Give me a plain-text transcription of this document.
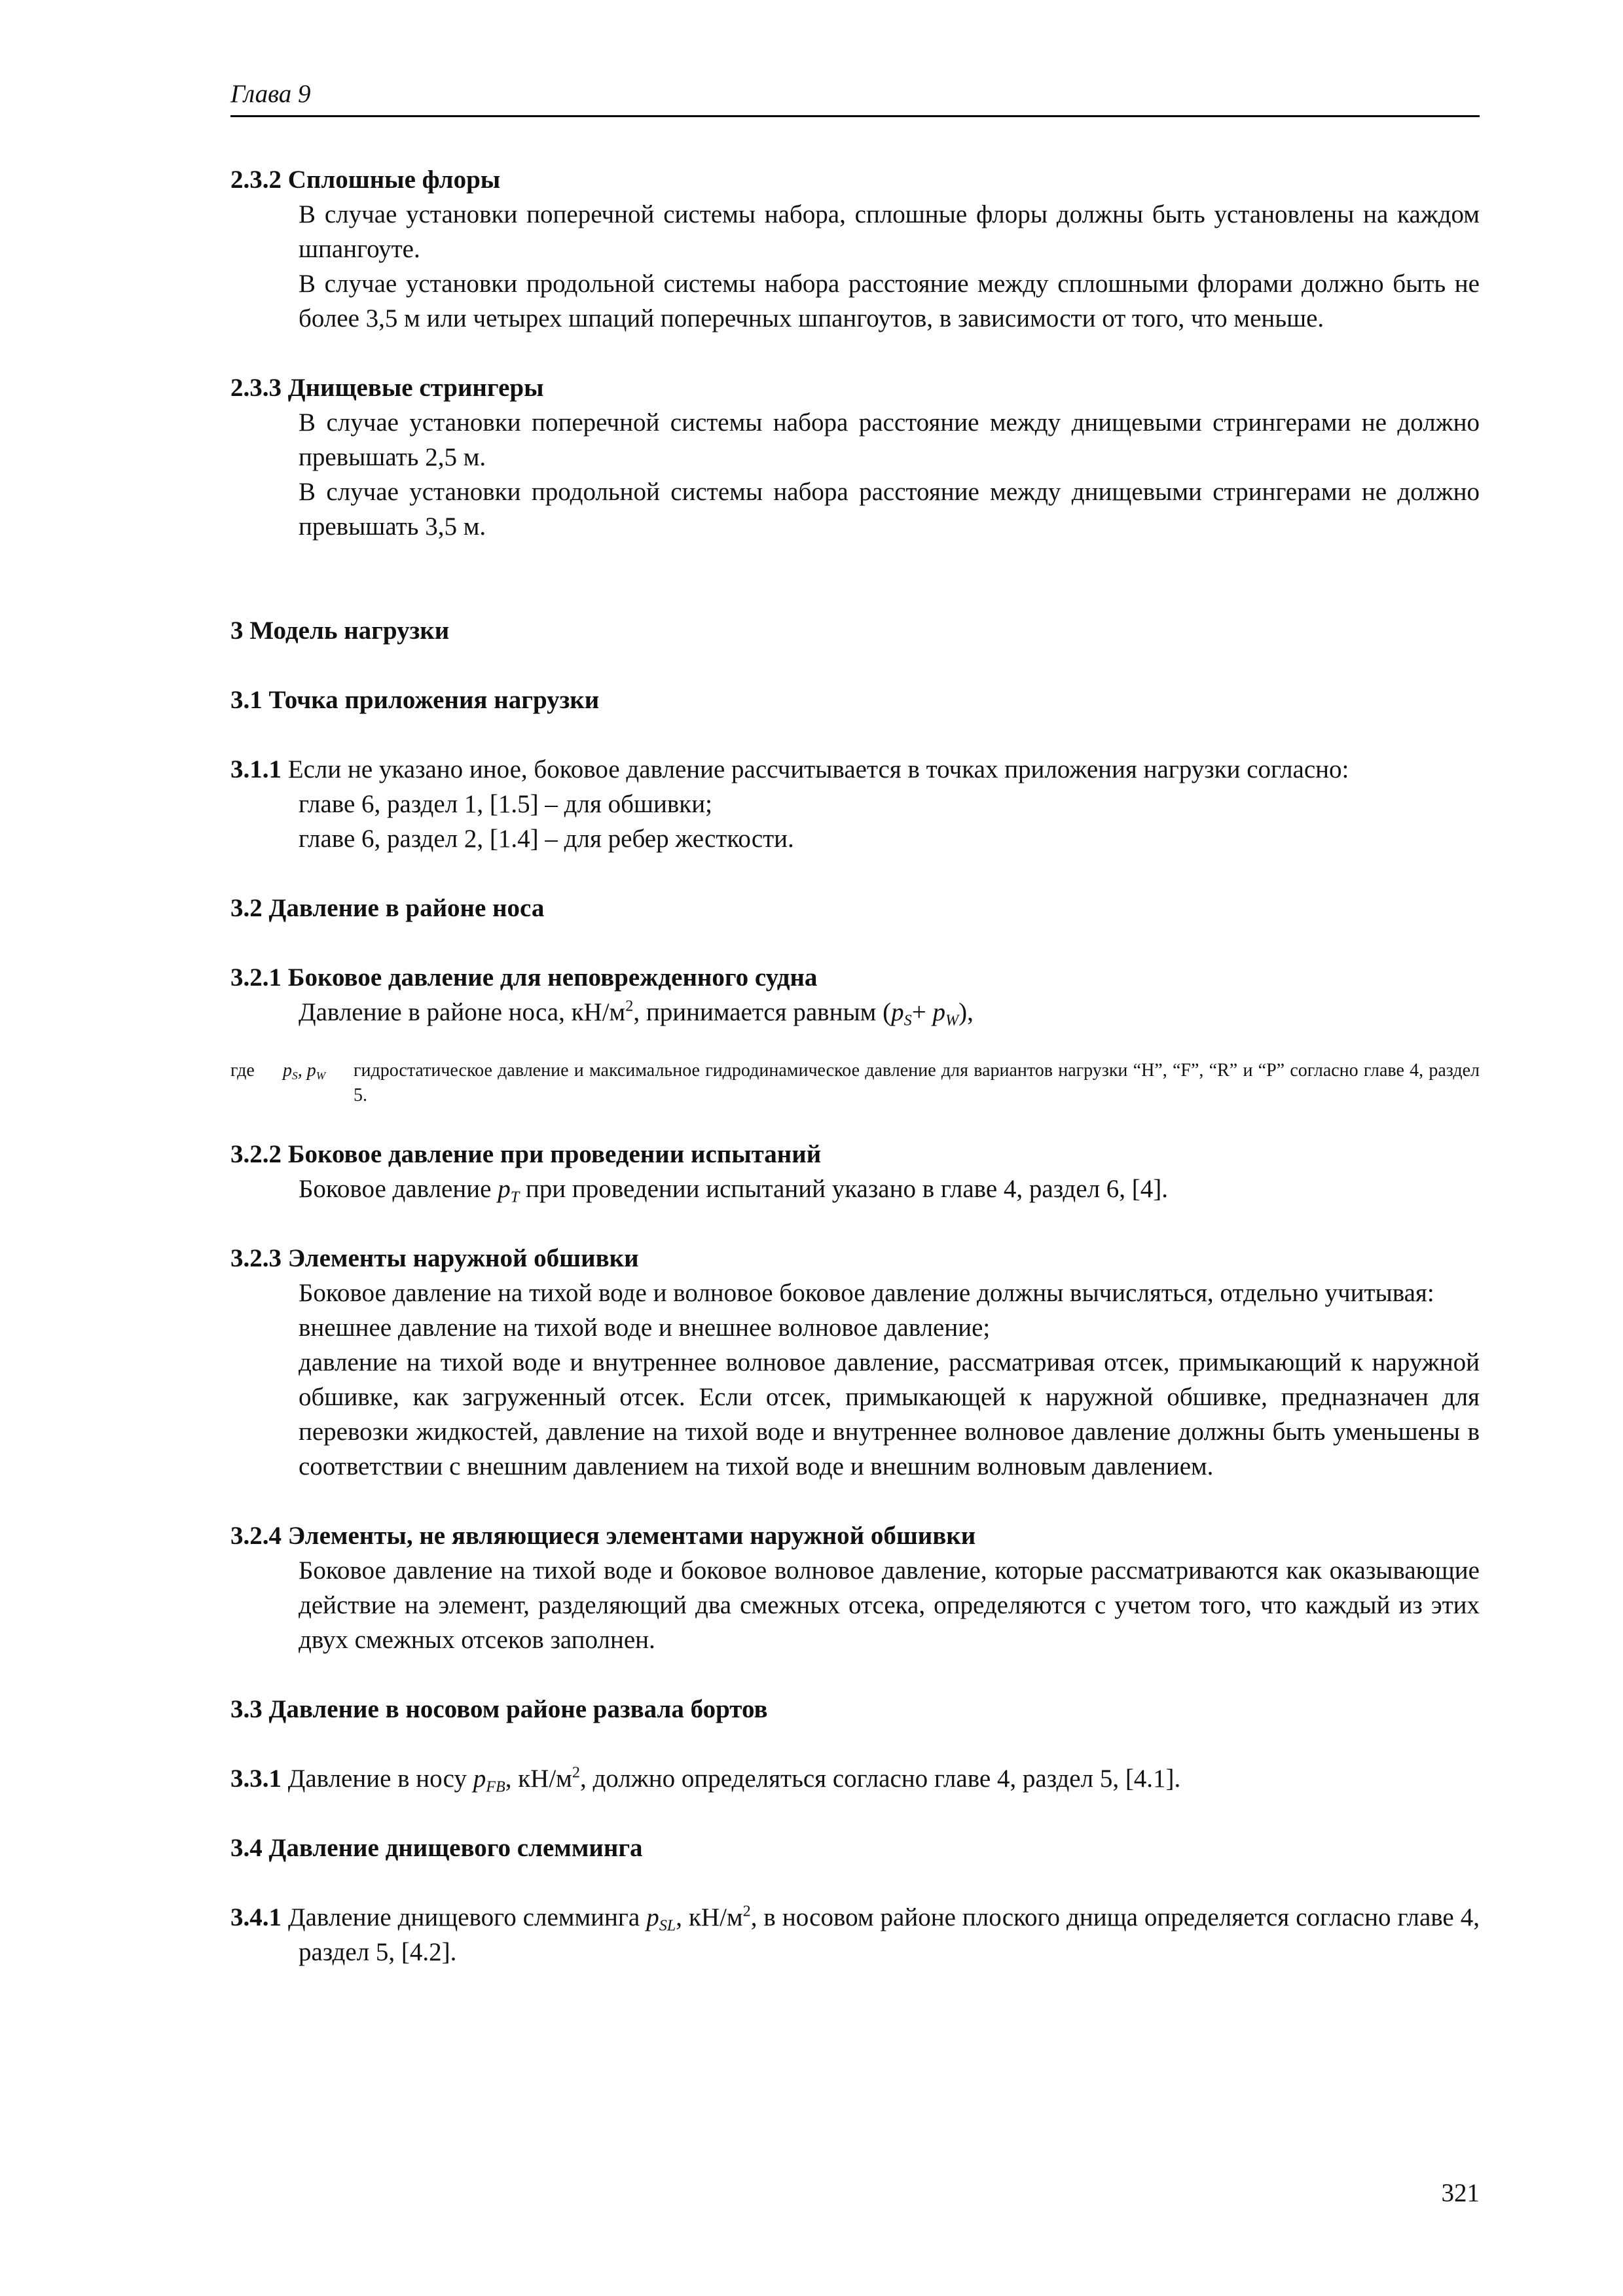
Глава 9
2.3.2 Сплошные флоры

В случае установки поперечной системы набора, сплошные флоры должны быть установлены на каждом шпангоуте.

В случае установки продольной системы набора расстояние между сплошными флорами должно быть не более 3,5 м или четырех шпаций поперечных шпангоутов, в зависимости от того, что меньше.

2.3.3 Днищевые стрингеры

В случае установки поперечной системы набора расстояние между днищевыми стрингерами не должно превышать 2,5 м.

В случае установки продольной системы набора расстояние между днищевыми стрингерами не должно превышать 3,5 м.

3 Модель нагрузки
3.1 Точка приложения нагрузки

3.1.1 Если не указано иное, боковое давление рассчитывается в точках приложения нагрузки согласно:

главе 6, раздел 1, [1.5] – для обшивки;

главе 6, раздел 2, [1.4] – для ребер жесткости.

3.2 Давление в районе носа
3.2.1 Боковое давление для неповрежденного судна

Давление в районе носа, $кН/м^2$, принимается равным $(p_S+ p_W)$,

где	$p_S$, $p_W$	гидростатическое давление и максимальное гидродинамическое давление для вариантов нагрузки “H”, “F”, “R” и “P” согласно главе 4, раздел 5.
3.2.2 Боковое давление при проведении испытаний

Боковое давление $p_T$ при проведении испытаний указано в главе 4, раздел 6, [4].

3.2.3 Элементы наружной обшивки

Боковое давление на тихой воде и волновое боковое давление должны вычисляться, отдельно учитывая:

внешнее давление на тихой воде и внешнее волновое давление;

давление на тихой воде и внутреннее волновое давление, рассматривая отсек, примыкающий к наружной обшивке, как загруженный отсек. Если отсек, примыкающей к наружной обшивке, предназначен для перевозки жидкостей, давление на тихой воде и внутреннее волновое давление должны быть уменьшены в соответствии с внешним давлением на тихой воде и внешним волновым давлением.

3.2.4 Элементы, не являющиеся элементами наружной обшивки

Боковое давление на тихой воде и боковое волновое давление, которые рассматриваются как оказывающие действие на элемент, разделяющий два смежных отсека, определяются с учетом того, что каждый из этих двух смежных отсеков заполнен.

3.3 Давление в носовом районе развала бортов

3.3.1 Давление в носу $p_{FB}$, $кН/м^2$, должно определяться согласно главе 4, раздел 5, [4.1].

3.4 Давление днищевого слемминга

3.4.1 Давление днищевого слемминга $p_{SL}$, $кН/м^2$, в носовом районе плоского днища определяется согласно главе 4, раздел 5, [4.2].

321
